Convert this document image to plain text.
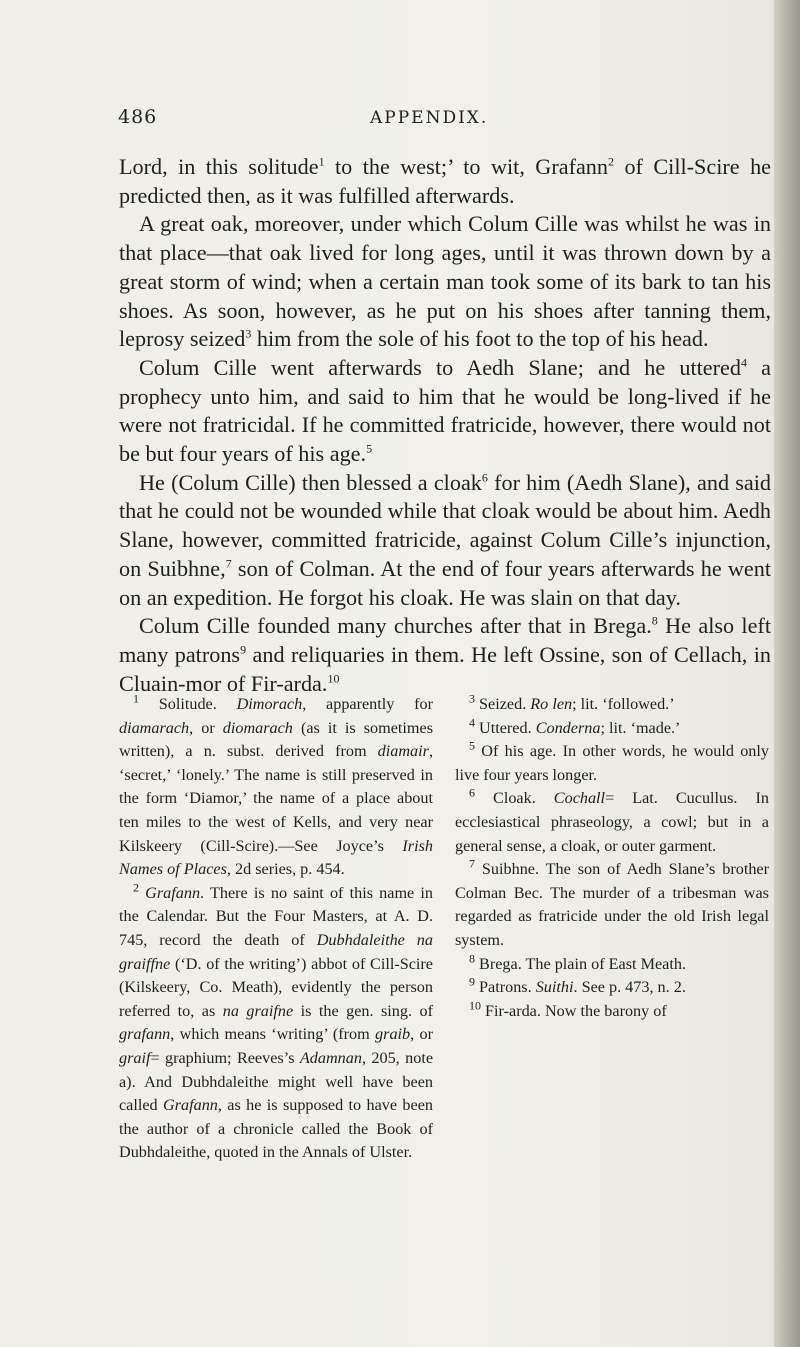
486	APPENDIX.

Lord, in this solitude$^1$ to the west;’ to wit, Grafann$^2$ of Cill-Scire he predicted then, as it was fulfilled afterwards.

A great oak, moreover, under which Colum Cille was whilst he was in that place—that oak lived for long ages, until it was thrown down by a great storm of wind; when a certain man took some of its bark to tan his shoes. As soon, however, as he put on his shoes after tanning them, leprosy seized$^3$ him from the sole of his foot to the top of his head.

Colum Cille went afterwards to Aedh Slane; and he uttered$^4$ a prophecy unto him, and said to him that he would be long-lived if he were not fratricidal. If he committed fratricide, however, there would not be but four years of his age.$^5$

He (Colum Cille) then blessed a cloak$^6$ for him (Aedh Slane), and said that he could not be wounded while that cloak would be about him. Aedh Slane, however, committed fratricide, against Colum Cille’s injunction, on Suibhne,$^7$ son of Colman. At the end of four years afterwards he went on an expedition. He forgot his cloak. He was slain on that day.

Colum Cille founded many churches after that in Brega.$^8$ He also left many patrons$^9$ and reliquaries in them. He left Ossine, son of Cellach, in Cluain-mor of Fir-arda.$^{10}$

$^1$ Solitude. Dimorach, apparently for diamarach, or diomarach (as it is sometimes written), a n. subst. derived from diamair, ‘secret,’ ‘lonely.’ The name is still preserved in the form ‘Diamor,’ the name of a place about ten miles to the west of Kells, and very near Kilskeery (Cill-Scire).—See Joyce’s Irish Names of Places, 2d series, p. 454.

$^2$ Grafann. There is no saint of this name in the Calendar. But the Four Masters, at A. D. 745, record the death of Dubhdaleithe na graiffne (‘D. of the writing’) abbot of Cill-Scire (Kilskeery, Co. Meath), evidently the person referred to, as na graifne is the gen. sing. of grafann, which means ‘writing’ (from graib, or graif= graphium; Reeves’s Adamnan, 205, note a). And Dubhdaleithe might well have been called Grafann, as he is supposed to have been the author of a chronicle called the Book of Dubhdaleithe, quoted in the Annals of Ulster.

$^3$ Seized. Ro len; lit. ‘followed.’

$^4$ Uttered. Conderna; lit. ‘made.’

$^5$ Of his age. In other words, he would only live four years longer.

$^6$ Cloak. Cochall= Lat. Cucullus. In ecclesiastical phraseology, a cowl; but in a general sense, a cloak, or outer garment.

$^7$ Suibhne. The son of Aedh Slane’s brother Colman Bec. The murder of a tribesman was regarded as fratricide under the old Irish legal system.

$^8$ Brega. The plain of East Meath.

$^9$ Patrons. Suithi. See p. 473, n. 2.

$^{10}$ Fir-arda. Now the barony of
